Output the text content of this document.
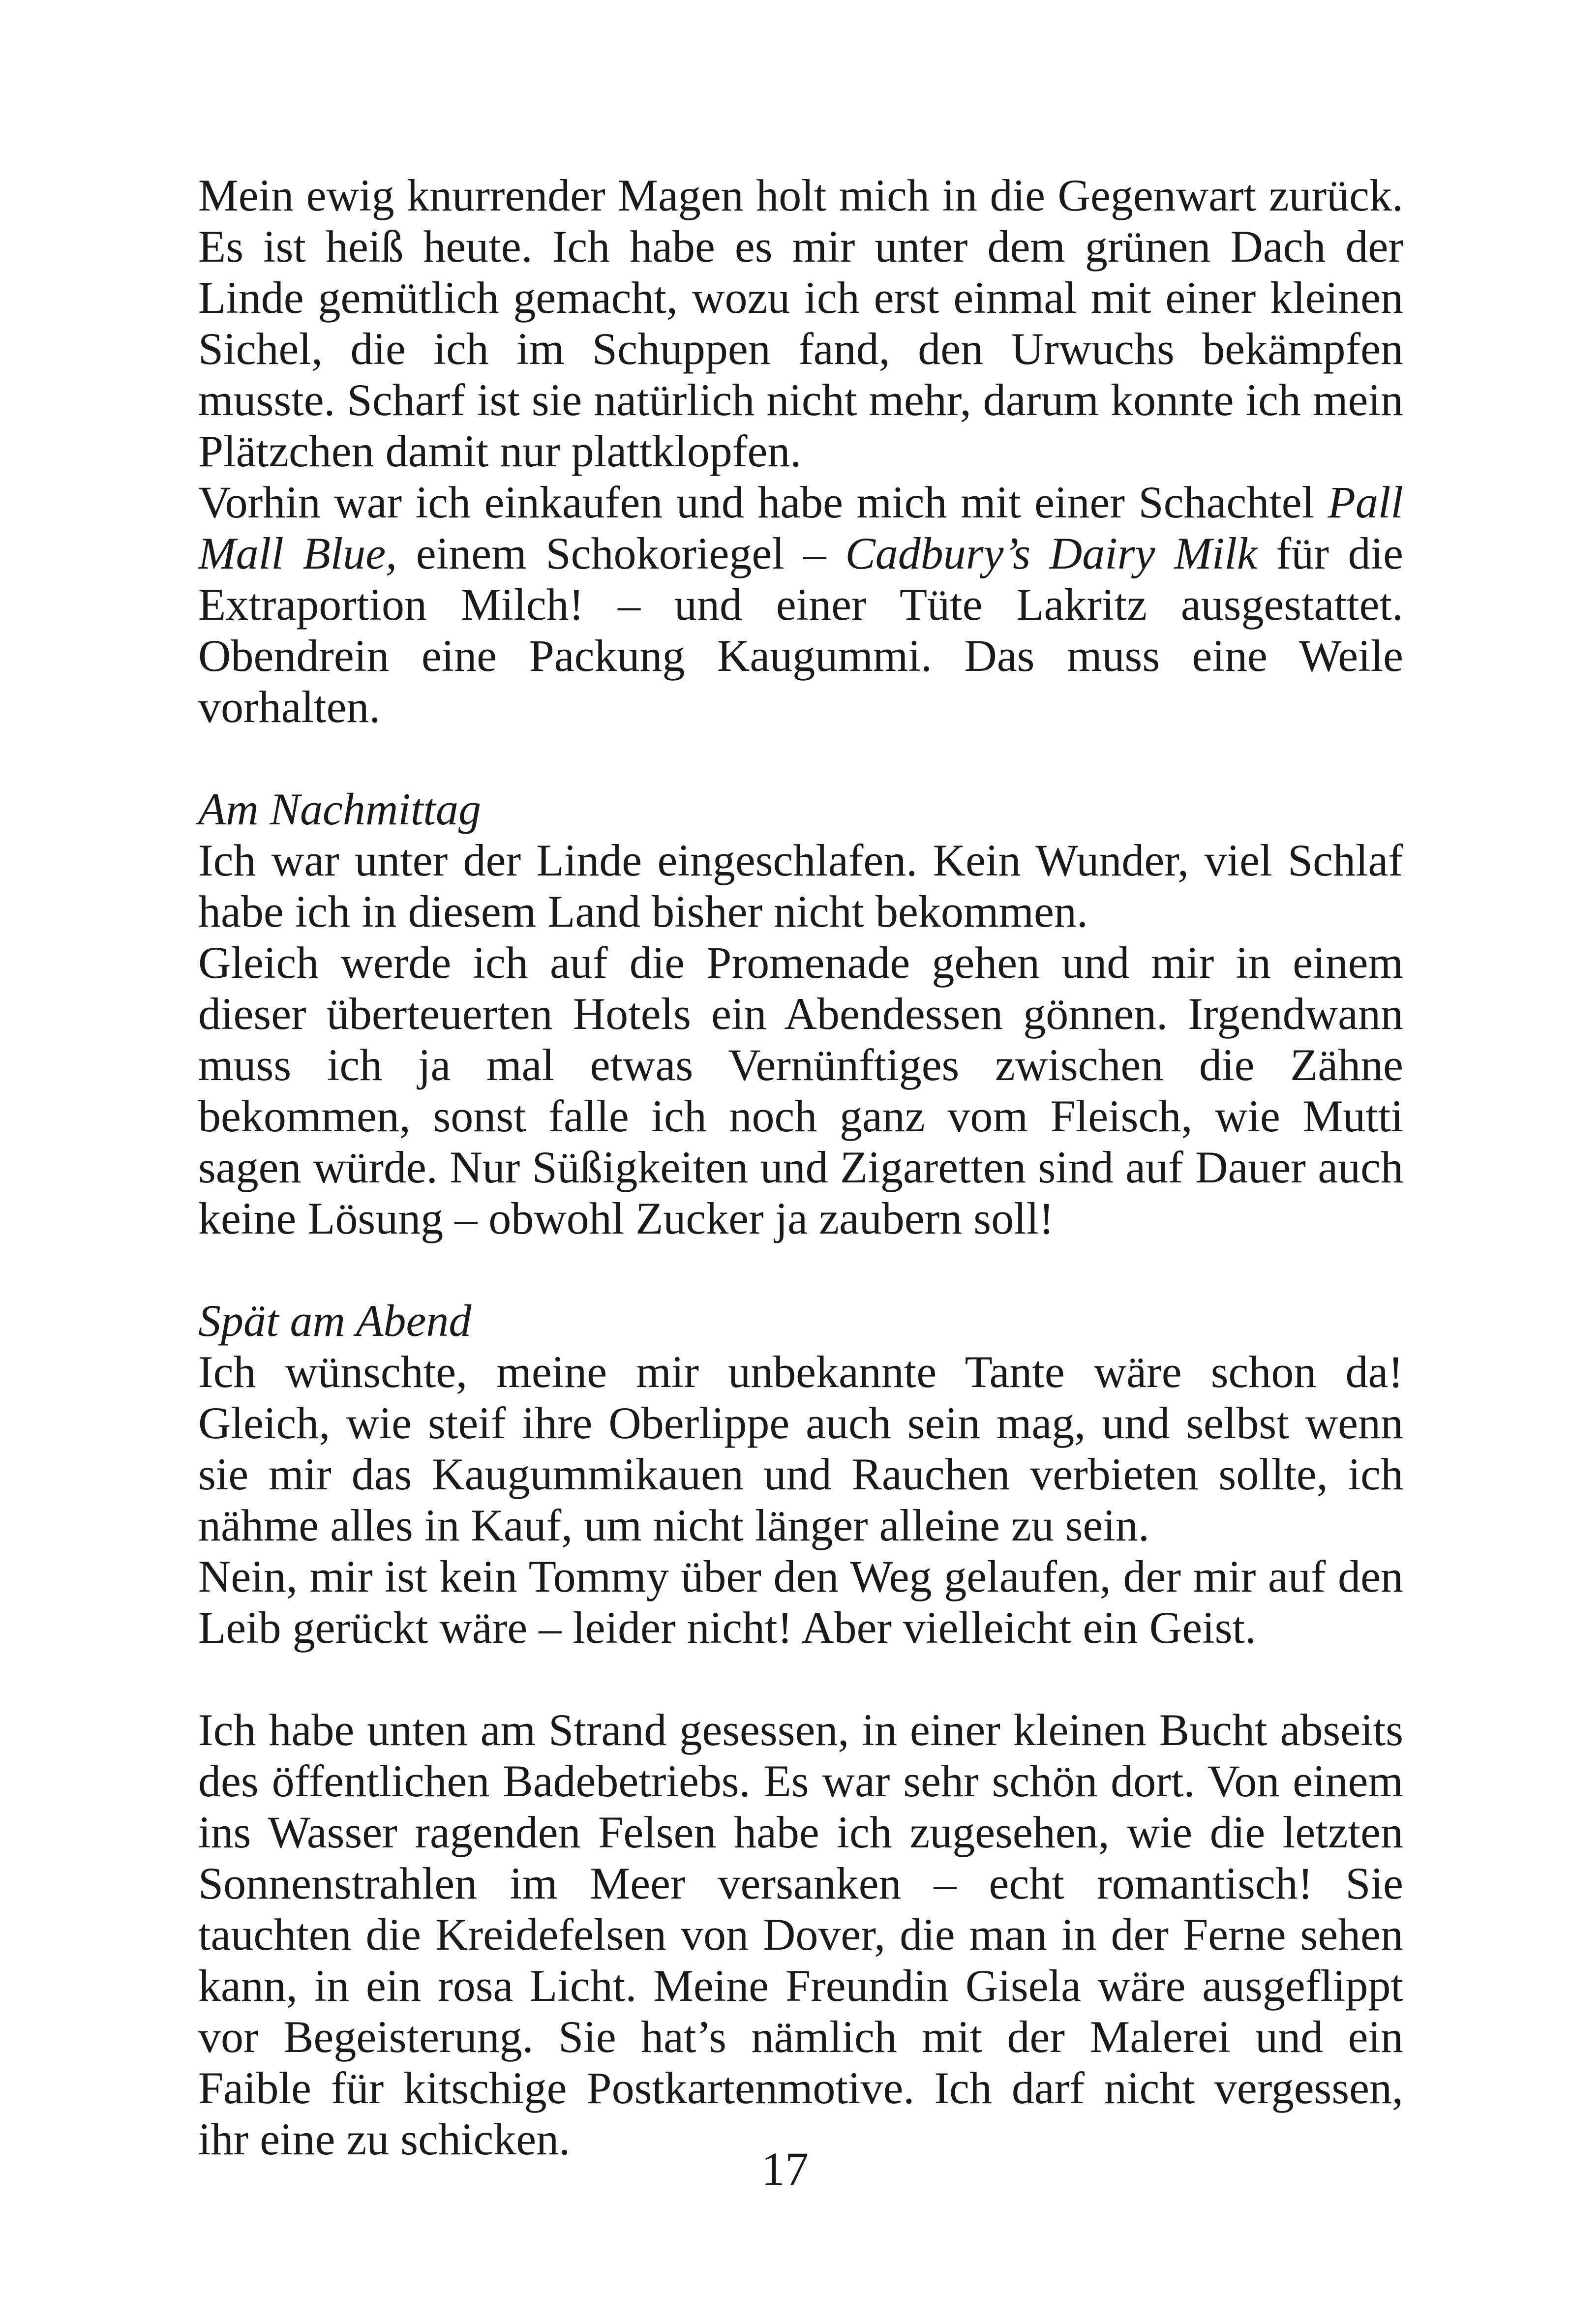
Mein ewig knurrender Magen holt mich in die Gegenwart zurück. Es ist heiß heute. Ich habe es mir unter dem grünen Dach der Linde gemütlich gemacht, wozu ich erst einmal mit einer kleinen Sichel, die ich im Schuppen fand, den Urwuchs bekämpfen musste. Scharf ist sie natürlich nicht mehr, darum konnte ich mein Plätzchen damit nur plattklopfen.

Vorhin war ich einkaufen und habe mich mit einer Schachtel Pall Mall Blue, einem Schokoriegel – Cadbury’s Dairy Milk für die Extraportion Milch! – und einer Tüte Lakritz ausgestattet. Obendrein eine Packung Kaugummi. Das muss eine Weile vorhalten.

Am Nachmittag

Ich war unter der Linde eingeschlafen. Kein Wunder, viel Schlaf habe ich in diesem Land bisher nicht bekommen.

Gleich werde ich auf die Promenade gehen und mir in einem dieser überteuerten Hotels ein Abendessen gönnen. Irgendwann muss ich ja mal etwas Vernünftiges zwischen die Zähne bekommen, sonst falle ich noch ganz vom Fleisch, wie Mutti sagen würde. Nur Süßigkeiten und Zigaretten sind auf Dauer auch keine Lösung – obwohl Zucker ja zaubern soll!

Spät am Abend

Ich wünschte, meine mir unbekannte Tante wäre schon da! Gleich, wie steif ihre Oberlippe auch sein mag, und selbst wenn sie mir das Kaugummikauen und Rauchen verbieten sollte, ich nähme alles in Kauf, um nicht länger alleine zu sein.

Nein, mir ist kein Tommy über den Weg gelaufen, der mir auf den Leib gerückt wäre – leider nicht! Aber vielleicht ein Geist.

Ich habe unten am Strand gesessen, in einer kleinen Bucht abseits des öffentlichen Badebetriebs. Es war sehr schön dort. Von einem ins Wasser ragenden Felsen habe ich zugesehen, wie die letzten Sonnenstrahlen im Meer versanken – echt romantisch! Sie tauchten die Kreidefelsen von Dover, die man in der Ferne sehen kann, in ein rosa Licht. Meine Freundin Gisela wäre ausgeflippt vor Begeisterung. Sie hat’s nämlich mit der Malerei und ein Faible für kitschige Postkartenmotive. Ich darf nicht vergessen, ihr eine zu schicken.

17
